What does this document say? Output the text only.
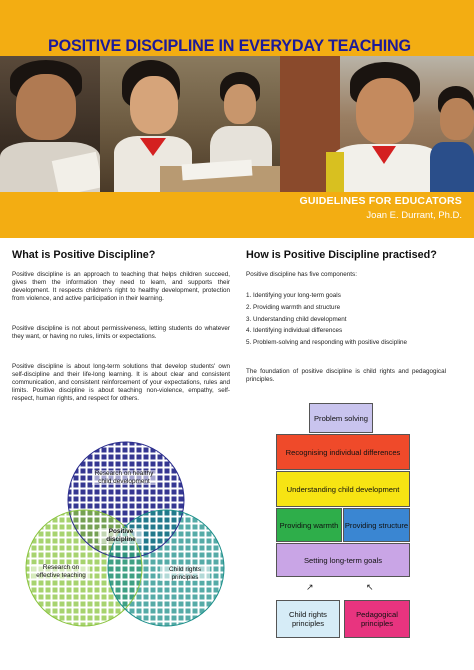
POSITIVE DISCIPLINE IN EVERYDAY TEACHING
GUIDELINES FOR EDUCATORS
Joan E. Durrant, Ph.D.
What is Positive Discipline?
Positive discipline is an approach to teaching that helps children succeed, gives them the information they need to learn, and supports their development. It respects children's right to healthy development, protection from violence, and active participation in their learning.
Positive discipline is not about permissiveness, letting students do whatever they want, or having no rules, limits or expectations.
Positive discipline is about long-term solutions that develop students' own self-discipline and their life-long learning. It is about clear and consistent communication, and consistent reinforcement of your expectations, rules and limits. Positive discipline is about teaching non-violence, empathy, self-respect, human rights, and respect for others.
Research on healthy child development
Research on effective teaching
Child rights principles
Positive discipline
How is Positive Discipline practised?
Positive discipline has five components:
1. Identifying your long-term goals
2. Providing warmth and structure
3. Understanding child development
4. Identifying individual differences
5. Problem-solving and responding with positive discipline
The foundation of positive discipline is child rights and pedagogical principles.
Problem solving
Recognising individual differences
Understanding child development
Providing warmth Providing structure
Setting long-term goals
↗	↖
Child rights principles
Pedagogical principles
